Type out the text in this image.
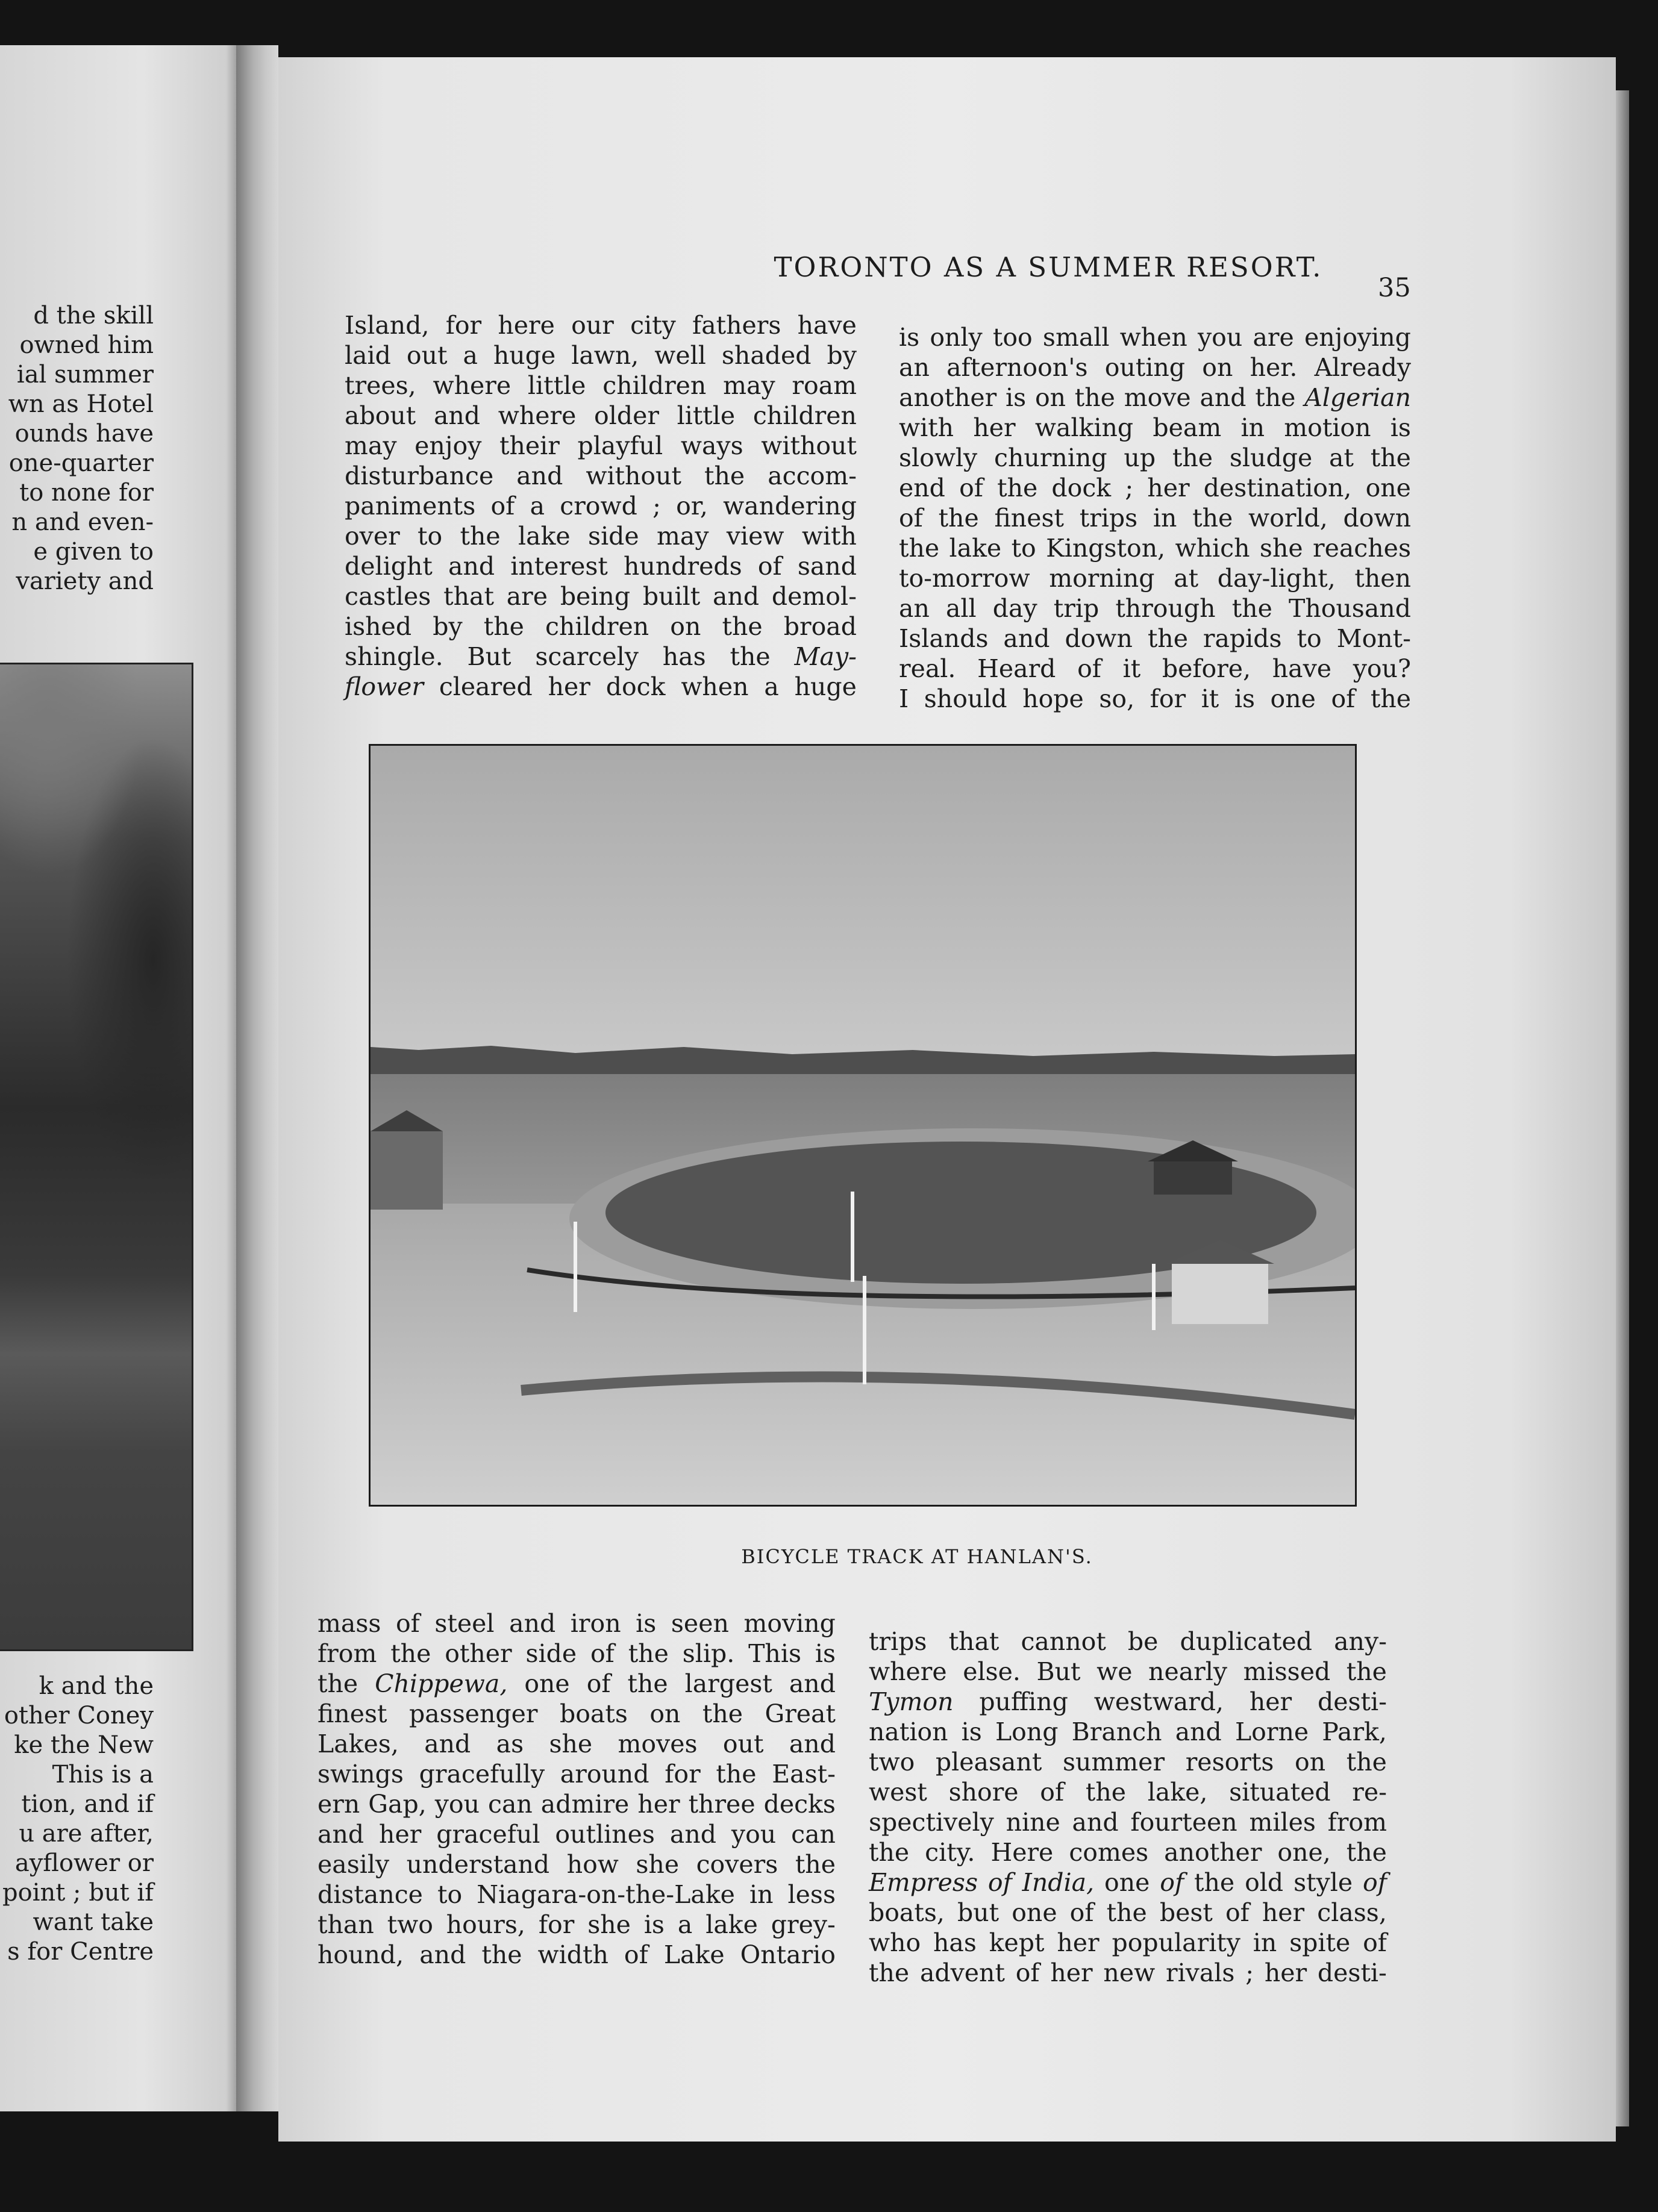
d the skill
owned him
ial summer
wn as Hotel
ounds have
one-quarter
to none for
n and even-
e given to
variety and
k and the
other Coney
ke the New
This is a
tion, and if
u are after,
ayflower or
point ; but if
want take
s for Centre
TORONTO AS A SUMMER RESORT.
35
Island, for here our city fathers have
laid out a huge lawn, well shaded by
trees, where little children may roam
about and where older little children
may enjoy their playful ways without
disturbance and without the accom-
paniments of a crowd ; or, wandering
over to the lake side may view with
delight and interest hundreds of sand
castles that are being built and demol-
ished by the children on the broad
shingle. But scarcely has the May-
flower cleared her dock when a huge
is only too small when you are enjoying
an afternoon's outing on her. Already
another is on the move and the Algerian
with her walking beam in motion is
slowly churning up the sludge at the
end of the dock ; her destination, one
of the finest trips in the world, down
the lake to Kingston, which she reaches
to-morrow morning at day-light, then
an all day trip through the Thousand
Islands and down the rapids to Mont-
real. Heard of it before, have you?
I should hope so, for it is one of the
BICYCLE TRACK AT HANLAN'S.
mass of steel and iron is seen moving
from the other side of the slip. This is
the Chippewa, one of the largest and
finest passenger boats on the Great
Lakes, and as she moves out and
swings gracefully around for the East-
ern Gap, you can admire her three decks
and her graceful outlines and you can
easily understand how she covers the
distance to Niagara-on-the-Lake in less
than two hours, for she is a lake grey-
hound, and the width of Lake Ontario
trips that cannot be duplicated any-
where else. But we nearly missed the
Tymon puffing westward, her desti-
nation is Long Branch and Lorne Park,
two pleasant summer resorts on the
west shore of the lake, situated re-
spectively nine and fourteen miles from
the city. Here comes another one, the
Empress of India, one of the old style of
boats, but one of the best of her class,
who has kept her popularity in spite of
the advent of her new rivals ; her desti-
